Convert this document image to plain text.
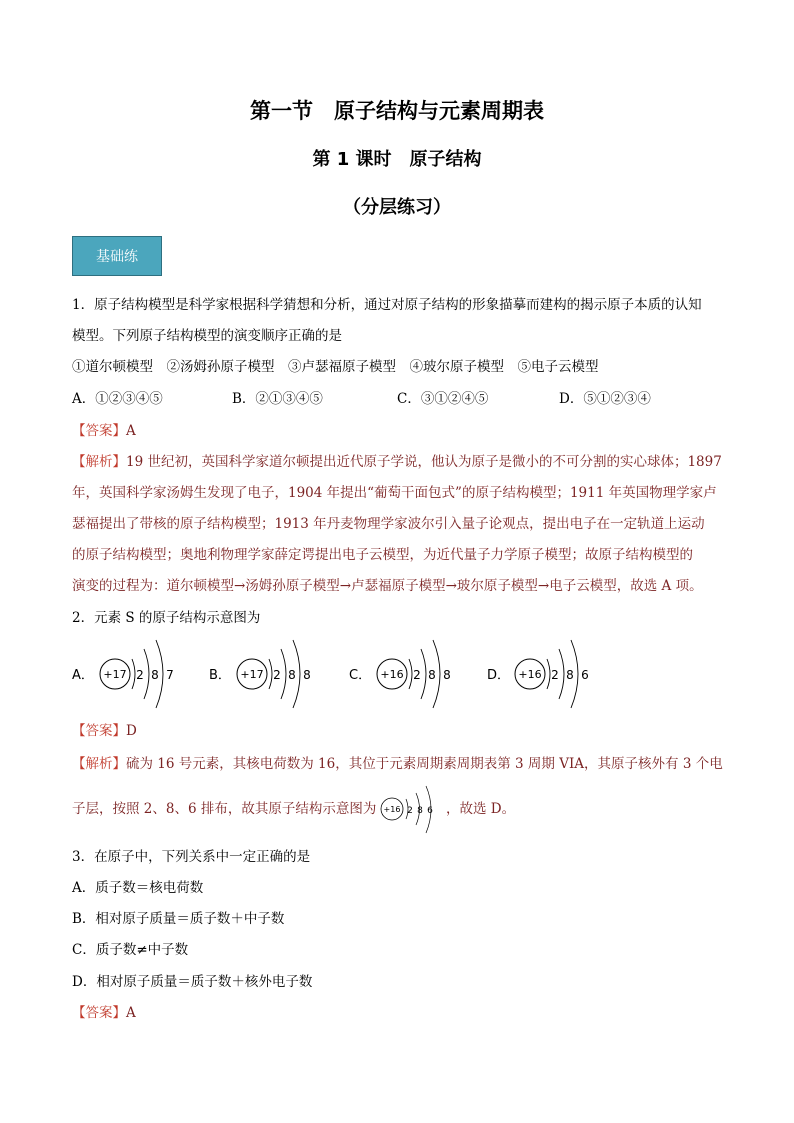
第一节　原子结构与元素周期表
第 1 课时　原子结构
（分层练习）
基础练
1．原子结构模型是科学家根据科学猜想和分析，通过对原子结构的形象描摹而建构的揭示原子本质的认知
模型。下列原子结构模型的演变顺序正确的是
①道尔顿模型　②汤姆孙原子模型　③卢瑟福原子模型　④玻尔原子模型　⑤电子云模型
A．①②③④⑤	B．②①③④⑤	C．③①②④⑤	D．⑤①②③④
【答案】A
【解析】19 世纪初，英国科学家道尔顿提出近代原子学说，他认为原子是微小的不可分割的实心球体；1897
年，英国科学家汤姆生发现了电子，1904 年提出“葡萄干面包式”的原子结构模型；1911 年英国物理学家卢
瑟福提出了带核的原子结构模型；1913 年丹麦物理学家波尔引入量子论观点，提出电子在一定轨道上运动
的原子结构模型；奥地利物理学家薛定谔提出电子云模型，为近代量子力学原子模型；故原子结构模型的
演变的过程为：道尔顿模型→汤姆孙原子模型→卢瑟福原子模型→玻尔原子模型→电子云模型，故选 A 项。
2．元素 S 的原子结构示意图为
A． +17 2 8 7	B． +17 2 8 8	C． +16 2 8 8	D． +16 2 8 6
【答案】D
【解析】硫为 16 号元素，其核电荷数为 16，其位于元素周期素周期表第 3 周期 VIA，其原子核外有 3 个电
子层，按照 2、8、6 排布，故其原子结构示意图为 +16 2 8 6 ，故选 D。
3．在原子中，下列关系中一定正确的是
A．质子数＝核电荷数
B．相对原子质量＝质子数＋中子数
C．质子数≠中子数
D．相对原子质量＝质子数＋核外电子数
【答案】A
